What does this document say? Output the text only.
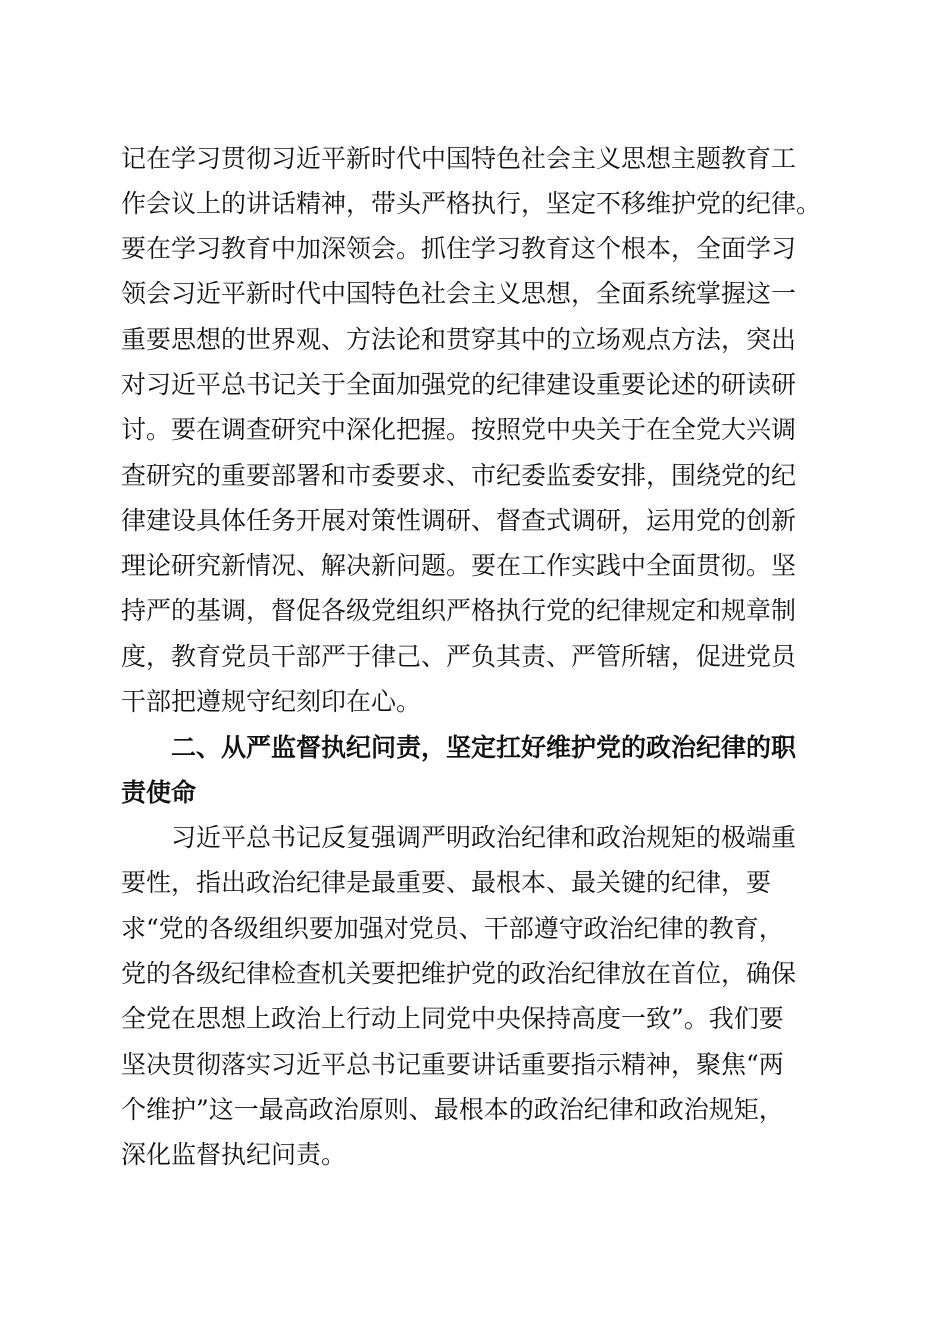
记在学习贯彻习近平新时代中国特色社会主义思想主题教育工
作会议上的讲话精神，带头严格执行，坚定不移维护党的纪律。
要在学习教育中加深领会。抓住学习教育这个根本，全面学习
领会习近平新时代中国特色社会主义思想，全面系统掌握这一
重要思想的世界观、方法论和贯穿其中的立场观点方法，突出
对习近平总书记关于全面加强党的纪律建设重要论述的研读研
讨。要在调查研究中深化把握。按照党中央关于在全党大兴调
查研究的重要部署和市委要求、市纪委监委安排，围绕党的纪
律建设具体任务开展对策性调研、督查式调研，运用党的创新
理论研究新情况、解决新问题。要在工作实践中全面贯彻。坚
持严的基调，督促各级党组织严格执行党的纪律规定和规章制
度，教育党员干部严于律己、严负其责、严管所辖，促进党员
干部把遵规守纪刻印在心。
二、从严监督执纪问责，坚定扛好维护党的政治纪律的职
责使命
习近平总书记反复强调严明政治纪律和政治规矩的极端重
要性，指出政治纪律是最重要、最根本、最关键的纪律，要
求“党的各级组织要加强对党员、干部遵守政治纪律的教育，
党的各级纪律检查机关要把维护党的政治纪律放在首位，确保
全党在思想上政治上行动上同党中央保持高度一致”。我们要
坚决贯彻落实习近平总书记重要讲话重要指示精神，聚焦“两
个维护”这一最高政治原则、最根本的政治纪律和政治规矩，
深化监督执纪问责。
